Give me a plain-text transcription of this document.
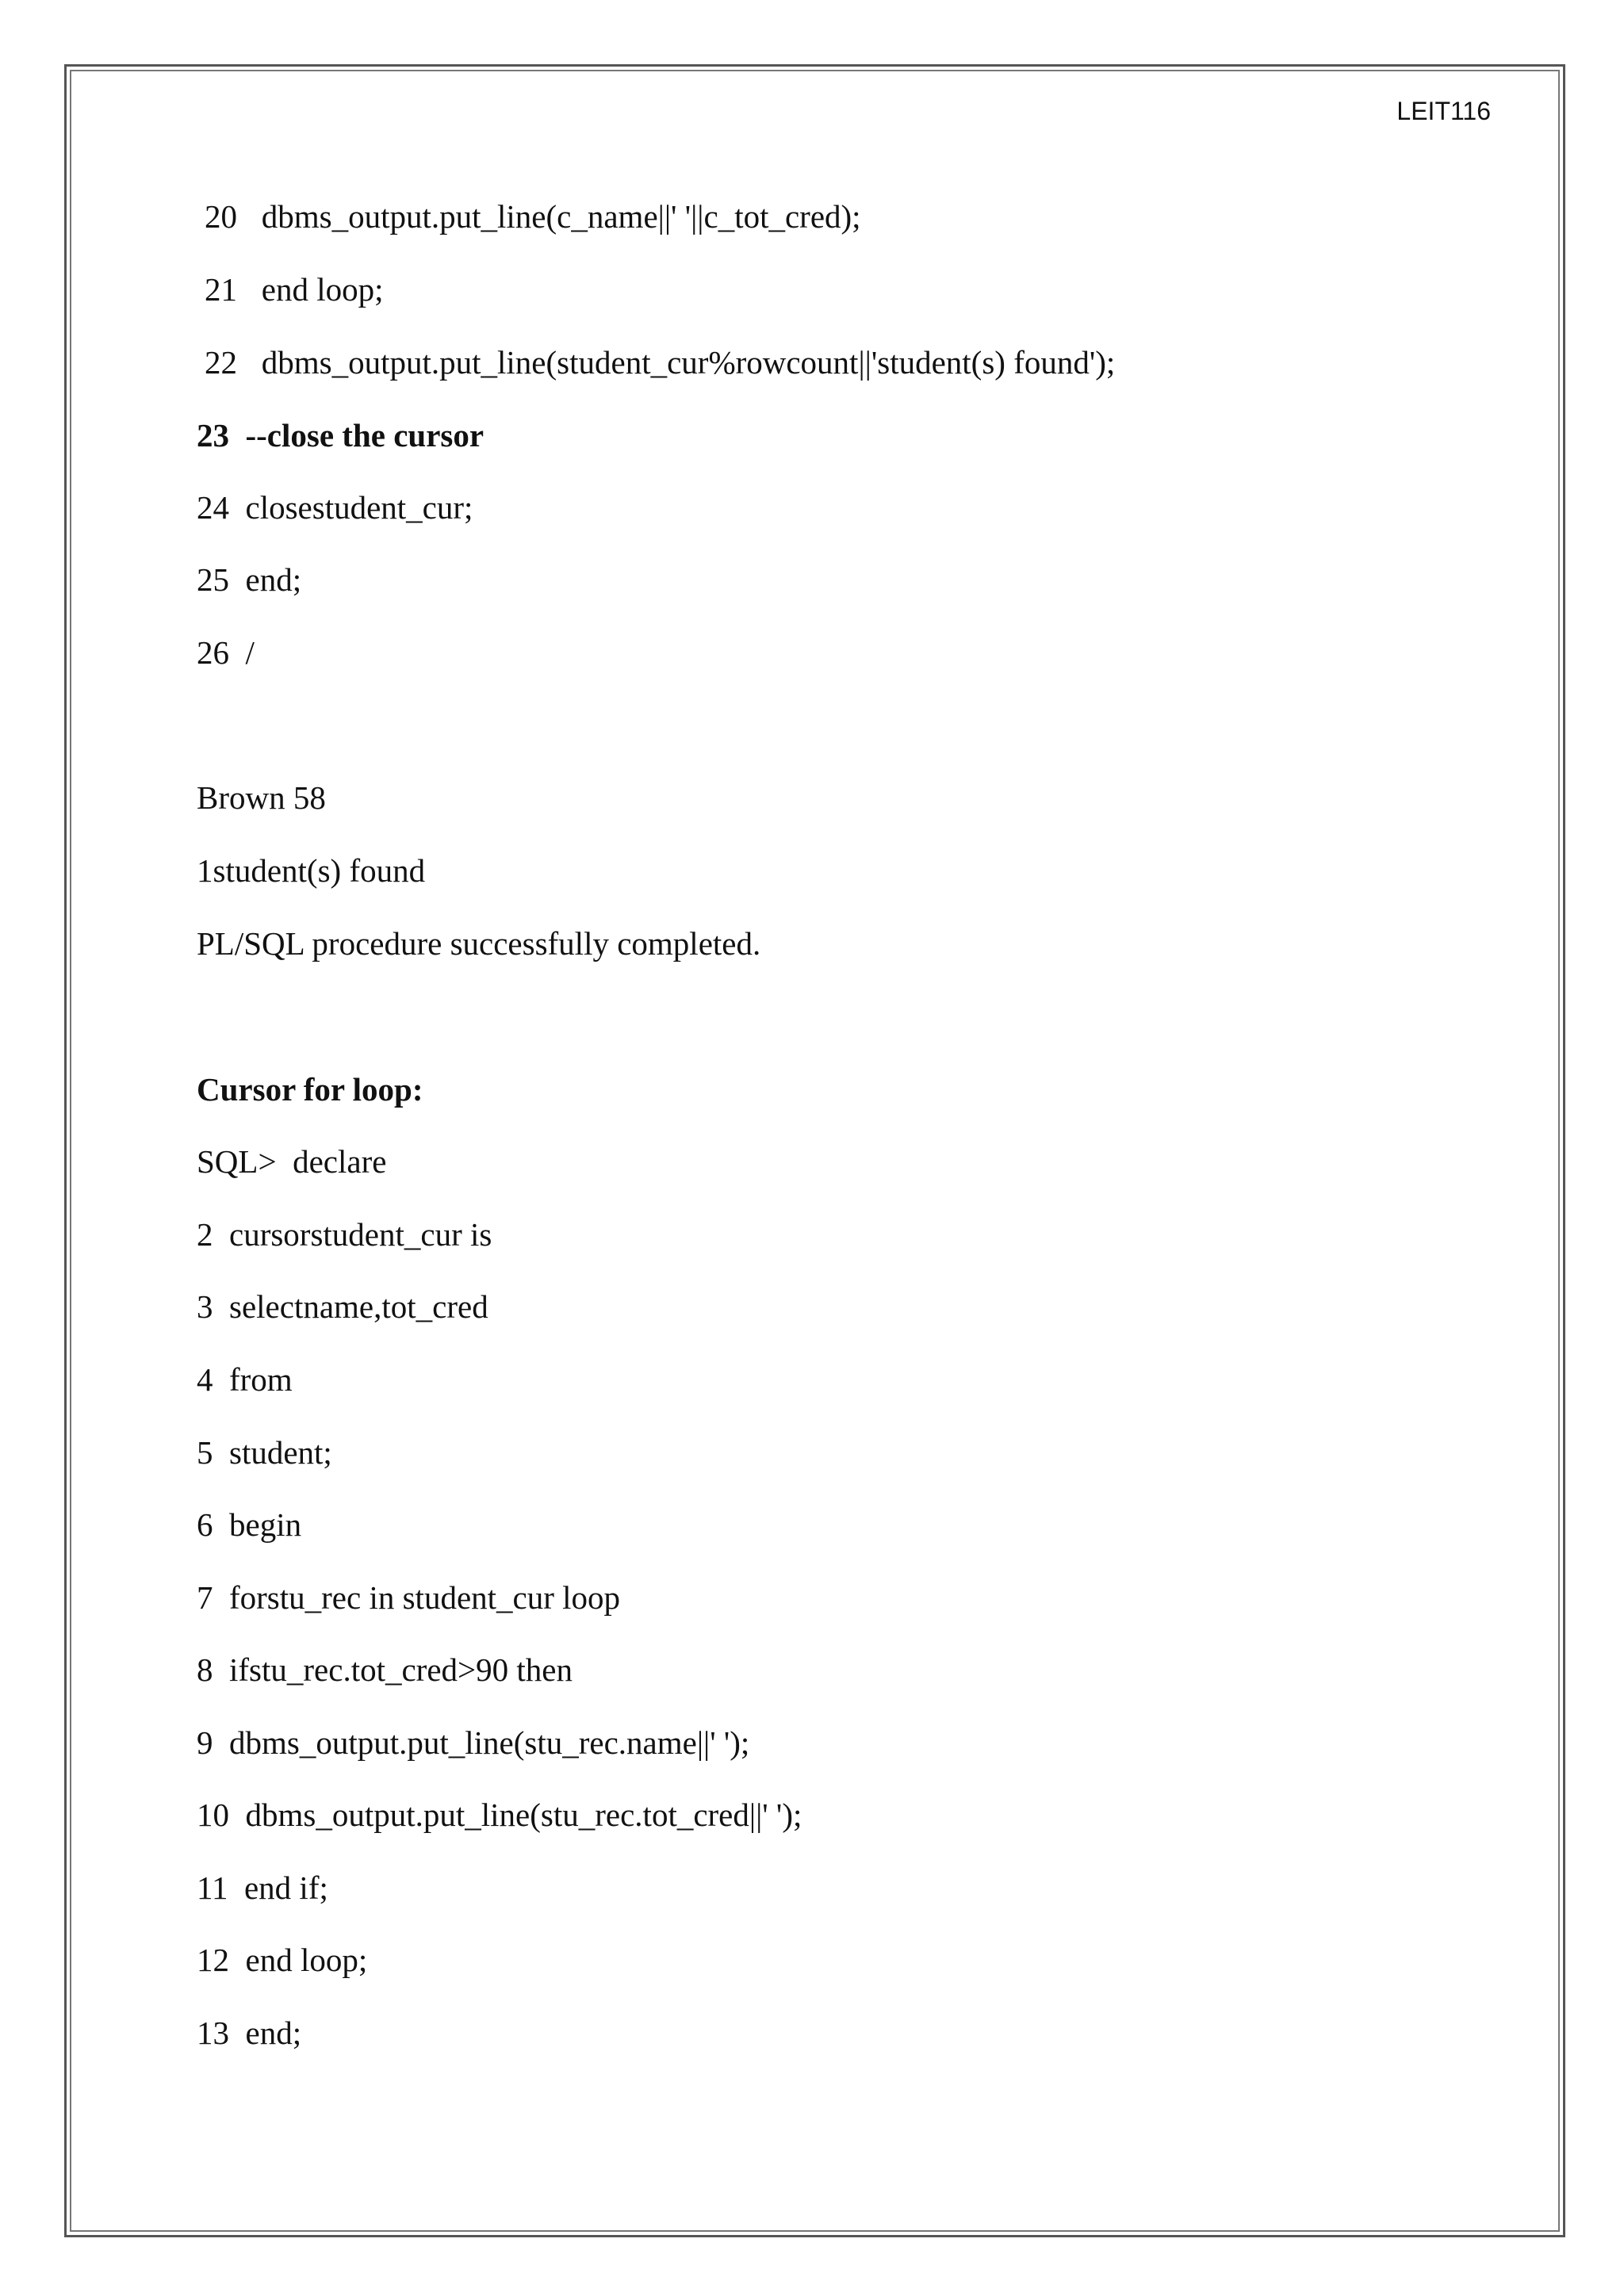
LEIT116
20   dbms_output.put_line(c_name||' '||c_tot_cred);
21   end loop;
22   dbms_output.put_line(student_cur%rowcount||'student(s) found');
23  --close the cursor
24  closestudent_cur;
25  end;
26  /
Brown 58
1student(s) found
PL/SQL procedure successfully completed.
Cursor for loop:
SQL>  declare
2  cursorstudent_cur is
3  selectname,tot_cred
4  from
5  student;
6  begin
7  forstu_rec in student_cur loop
8  ifstu_rec.tot_cred>90 then
9  dbms_output.put_line(stu_rec.name||' ');
10  dbms_output.put_line(stu_rec.tot_cred||' ');
11  end if;
12  end loop;
13  end;
